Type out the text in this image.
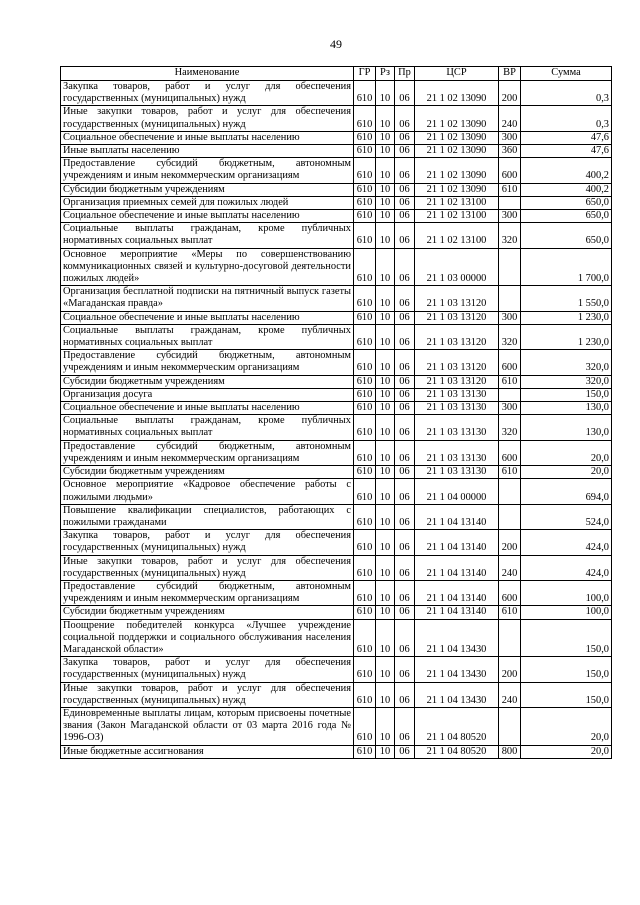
49
Наименование	ГР	Рз	Пр	ЦСР	ВР	Сумма
Закупка товаров, работ и услуг для обеспечения государственных (муниципальных) нужд	610	10	06	21 1 02 13090	200	0,3
Иные закупки товаров, работ и услуг для обеспечения государственных (муниципальных) нужд	610	10	06	21 1 02 13090	240	0,3
Социальное обеспечение и иные выплаты населению	610	10	06	21 1 02 13090	300	47,6
Иные выплаты населению	610	10	06	21 1 02 13090	360	47,6
Предоставление субсидий бюджетным, автономным учреждениям и иным некоммерческим организациям	610	10	06	21 1 02 13090	600	400,2
Субсидии бюджетным учреждениям	610	10	06	21 1 02 13090	610	400,2
Организация приемных семей для пожилых людей	610	10	06	21 1 02 13100		650,0
Социальное обеспечение и иные выплаты населению	610	10	06	21 1 02 13100	300	650,0
Социальные выплаты гражданам, кроме публичных нормативных социальных выплат	610	10	06	21 1 02 13100	320	650,0
Основное мероприятие «Меры по совершенствованию коммуникационных связей и культурно-досуговой деятельности пожилых людей»	610	10	06	21 1 03 00000		1 700,0
Организация бесплатной подписки на пятничный выпуск газеты «Магаданская правда»	610	10	06	21 1 03 13120		1 550,0
Социальное обеспечение и иные выплаты населению	610	10	06	21 1 03 13120	300	1 230,0
Социальные выплаты гражданам, кроме публичных нормативных социальных выплат	610	10	06	21 1 03 13120	320	1 230,0
Предоставление субсидий бюджетным, автономным учреждениям и иным некоммерческим организациям	610	10	06	21 1 03 13120	600	320,0
Субсидии бюджетным учреждениям	610	10	06	21 1 03 13120	610	320,0
Организация досуга	610	10	06	21 1 03 13130		150,0
Социальное обеспечение и иные выплаты населению	610	10	06	21 1 03 13130	300	130,0
Социальные выплаты гражданам, кроме публичных нормативных социальных выплат	610	10	06	21 1 03 13130	320	130,0
Предоставление субсидий бюджетным, автономным учреждениям и иным некоммерческим организациям	610	10	06	21 1 03 13130	600	20,0
Субсидии бюджетным учреждениям	610	10	06	21 1 03 13130	610	20,0
Основное мероприятие «Кадровое обеспечение работы с пожилыми людьми»	610	10	06	21 1 04 00000		694,0
Повышение квалификации специалистов, работающих с пожилыми гражданами	610	10	06	21 1 04 13140		524,0
Закупка товаров, работ и услуг для обеспечения государственных (муниципальных) нужд	610	10	06	21 1 04 13140	200	424,0
Иные закупки товаров, работ и услуг для обеспечения государственных (муниципальных) нужд	610	10	06	21 1 04 13140	240	424,0
Предоставление субсидий бюджетным, автономным учреждениям и иным некоммерческим организациям	610	10	06	21 1 04 13140	600	100,0
Субсидии бюджетным учреждениям	610	10	06	21 1 04 13140	610	100,0
Поощрение победителей конкурса «Лучшее учреждение социальной поддержки и социального обслуживания населения Магаданской области»	610	10	06	21 1 04 13430		150,0
Закупка товаров, работ и услуг для обеспечения государственных (муниципальных) нужд	610	10	06	21 1 04 13430	200	150,0
Иные закупки товаров, работ и услуг для обеспечения государственных (муниципальных) нужд	610	10	06	21 1 04 13430	240	150,0
Единовременные выплаты лицам, которым присвоены почетные звания (Закон Магаданской области от 03 марта 2016 года № 1996-ОЗ)	610	10	06	21 1 04 80520		20,0
Иные бюджетные ассигнования	610	10	06	21 1 04 80520	800	20,0
